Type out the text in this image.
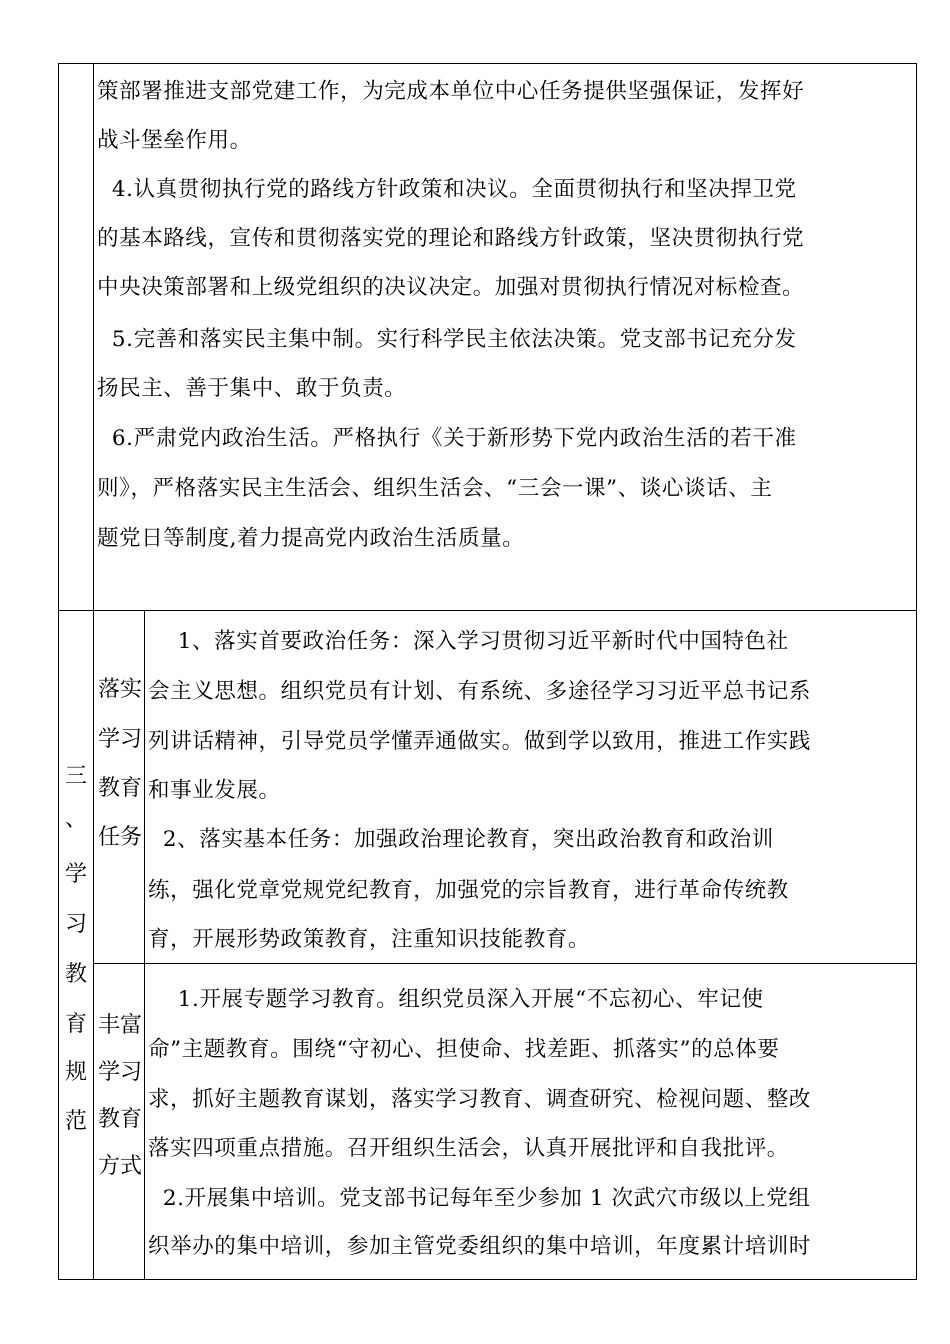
策部署推进支部党建工作，为完成本单位中心任务提供坚强保证，发挥好
战斗堡垒作用。
4.认真贯彻执行党的路线方针政策和决议。全面贯彻执行和坚决捍卫党
的基本路线，宣传和贯彻落实党的理论和路线方针政策，坚决贯彻执行党
中央决策部署和上级党组织的决议决定。加强对贯彻执行情况对标检查。
5.完善和落实民主集中制。实行科学民主依法决策。党支部书记充分发
扬民主、善于集中、敢于负责。
6.严肃党内政治生活。严格执行《关于新形势下党内政治生活的若干准
则》，严格落实民主生活会、组织生活会、“三会一课”、谈心谈话、主
题党日等制度,着力提高党内政治生活质量。
三
、
学
习
教
育
规
范
落实
学习
教育
任务
1、落实首要政治任务：深入学习贯彻习近平新时代中国特色社
会主义思想。组织党员有计划、有系统、多途径学习习近平总书记系
列讲话精神，引导党员学懂弄通做实。做到学以致用，推进工作实践
和事业发展。
2、落实基本任务：加强政治理论教育，突出政治教育和政治训
练，强化党章党规党纪教育，加强党的宗旨教育，进行革命传统教
育，开展形势政策教育，注重知识技能教育。
丰富
学习
教育
方式
1.开展专题学习教育。组织党员深入开展“不忘初心、牢记使
命”主题教育。围绕“守初心、担使命、找差距、抓落实”的总体要
求，抓好主题教育谋划，落实学习教育、调查研究、检视问题、整改
落实四项重点措施。召开组织生活会，认真开展批评和自我批评。
2.开展集中培训。党支部书记每年至少参加 1 次武穴市级以上党组
织举办的集中培训，参加主管党委组织的集中培训，年度累计培训时
